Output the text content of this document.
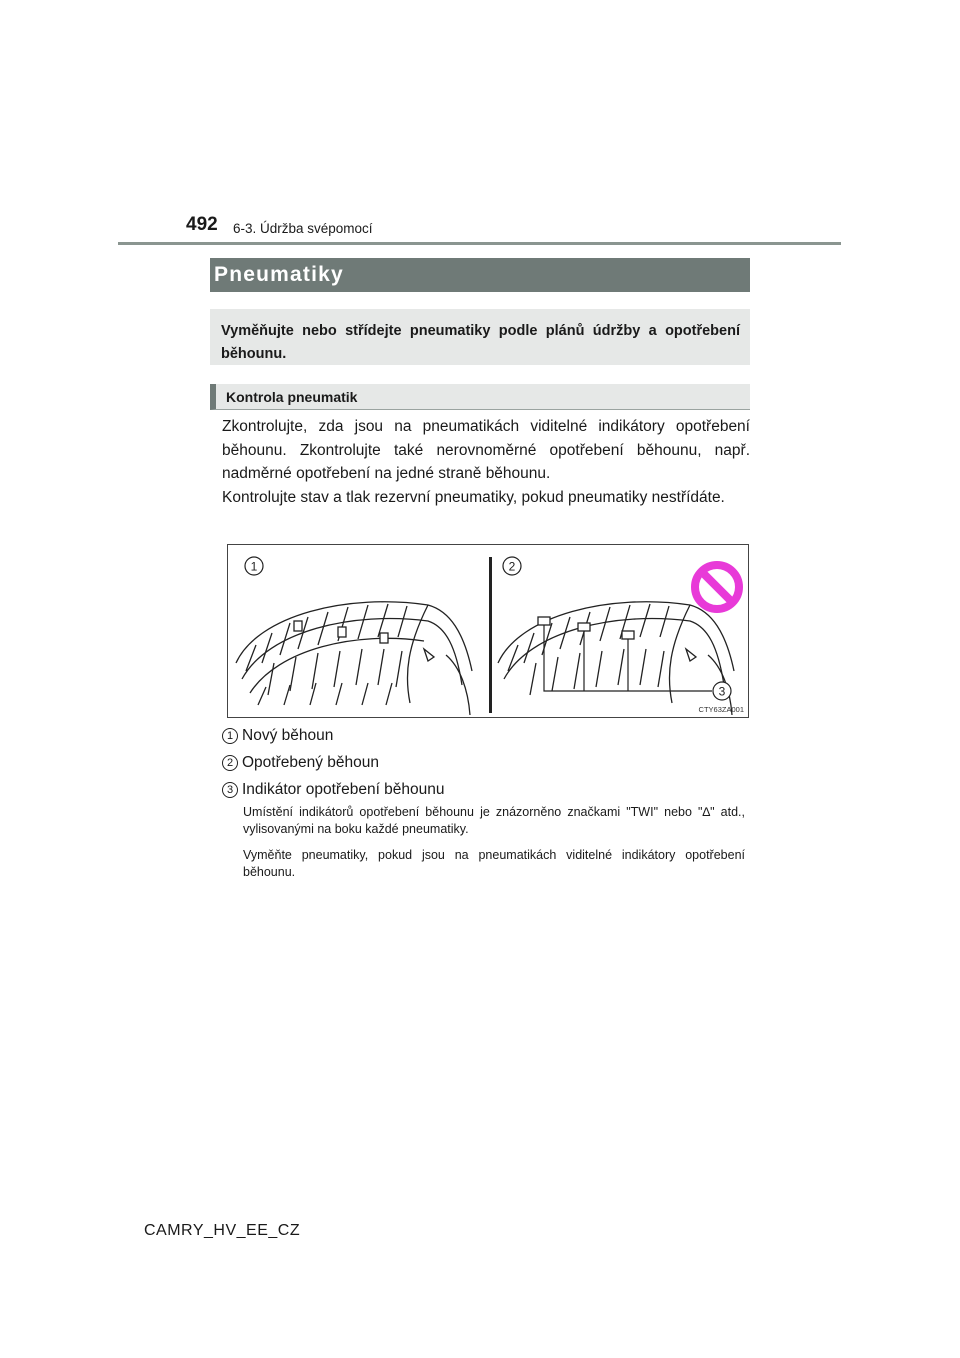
492 6-3. Údržba svépomocí
Pneumatiky
Vyměňujte nebo střídejte pneumatiky podle plánů údržby a opotřebení běhounu.
Kontrola pneumatik

Zkontrolujte, zda jsou na pneumatikách viditelné indikátory opotřebení běhounu. Zkontrolujte také nerovnoměrné opotřebení běhounu, např. nadměrné opotřebení na jedné straně běhounu.

Kontrolujte stav a tlak rezervní pneumatiky, pokud pneumatiky nestřídáte.

1	2
3
CTY63ZA001
1 Nový běhoun
2 Opotřebený běhoun
3 Indikátor opotřebení běhounu

Umístění indikátorů opotřebení běhounu je znázorněno značkami "TWI" nebo "∆" atd., vylisovanými na boku každé pneumatiky.

Vyměňte pneumatiky, pokud jsou na pneumatikách viditelné indikátory opotřebení běhounu.

CAMRY_HV_EE_CZ
